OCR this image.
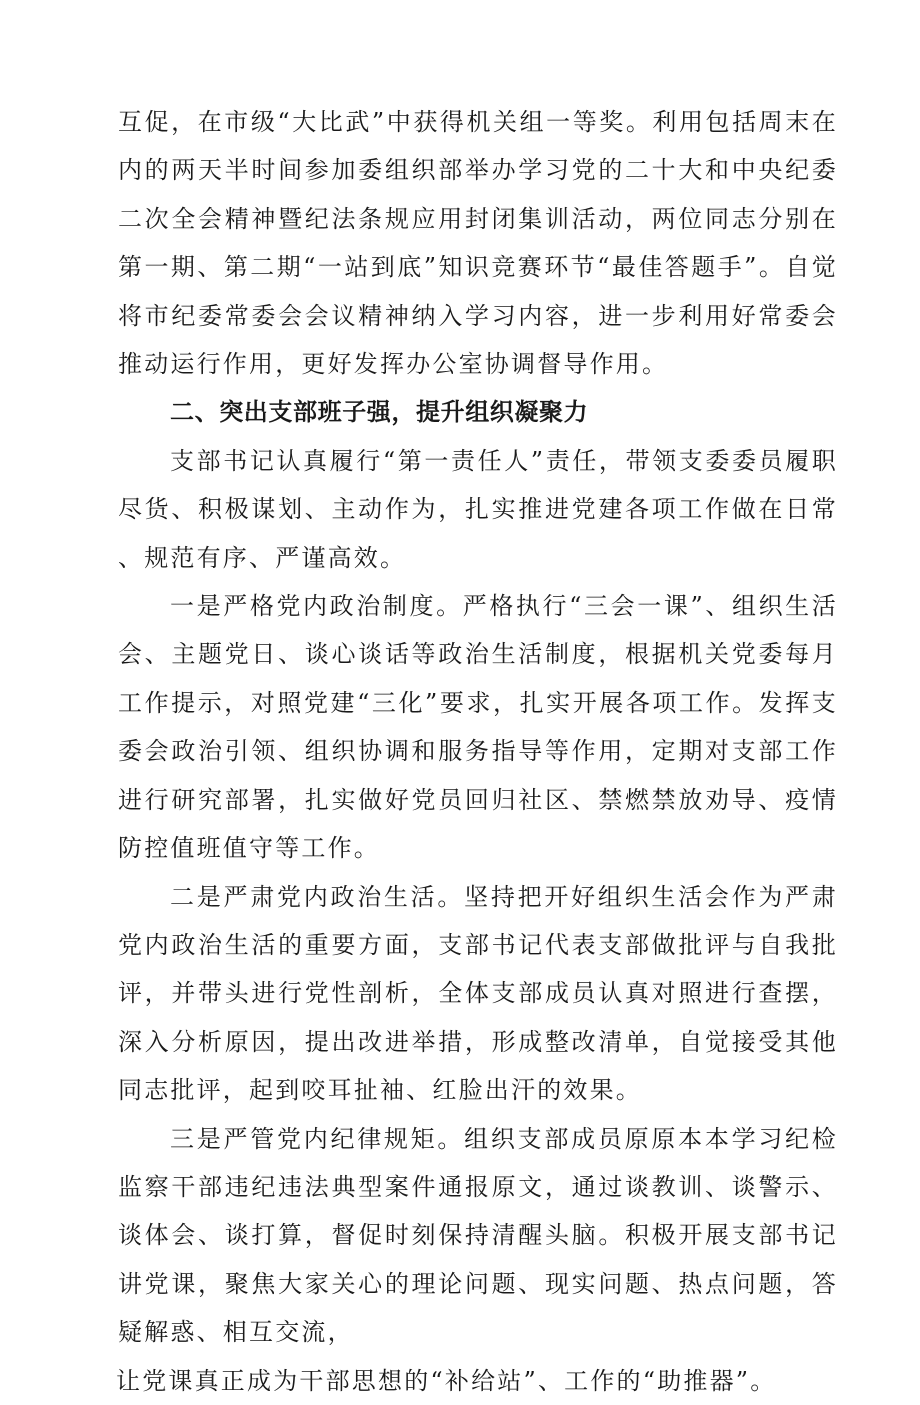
互促，在市级“大比武”中获得机关组一等奖。利用包括周末在内的两天半时间参加委组织部举办学习党的二十大和中央纪委二次全会精神暨纪法条规应用封闭集训活动，两位同志分别在第一期、第二期“一站到底”知识竞赛环节“最佳答题手”。自觉将市纪委常委会会议精神纳入学习内容，进一步利用好常委会推动运行作用，更好发挥办公室协调督导作用。

二、突出支部班子强，提升组织凝聚力

支部书记认真履行“第一责任人”责任，带领支委委员履职尽货、积极谋划、主动作为，扎实推进党建各项工作做在日常、规范有序、严谨高效。

一是严格党内政治制度。严格执行“三会一课”、组织生活会、主题党日、谈心谈话等政治生活制度，根据机关党委每月工作提示，对照党建“三化”要求，扎实开展各项工作。发挥支委会政治引领、组织协调和服务指导等作用，定期对支部工作进行研究部署，扎实做好党员回归社区、禁燃禁放劝导、疫情防控值班值守等工作。

二是严肃党内政治生活。坚持把开好组织生活会作为严肃党内政治生活的重要方面，支部书记代表支部做批评与自我批评，并带头进行党性剖析，全体支部成员认真对照进行查摆，深入分析原因，提出改进举措，形成整改清单，自觉接受其他同志批评，起到咬耳扯袖、红脸出汗的效果。

三是严管党内纪律规矩。组织支部成员原原本本学习纪检监察干部违纪违法典型案件通报原文，通过谈教训、谈警示、谈体会、谈打算，督促时刻保持清醒头脑。积极开展支部书记讲党课，聚焦大家关心的理论问题、现实问题、热点问题，答疑解惑、相互交流，

让党课真正成为干部思想的“补给站”、工作的“助推器”。
